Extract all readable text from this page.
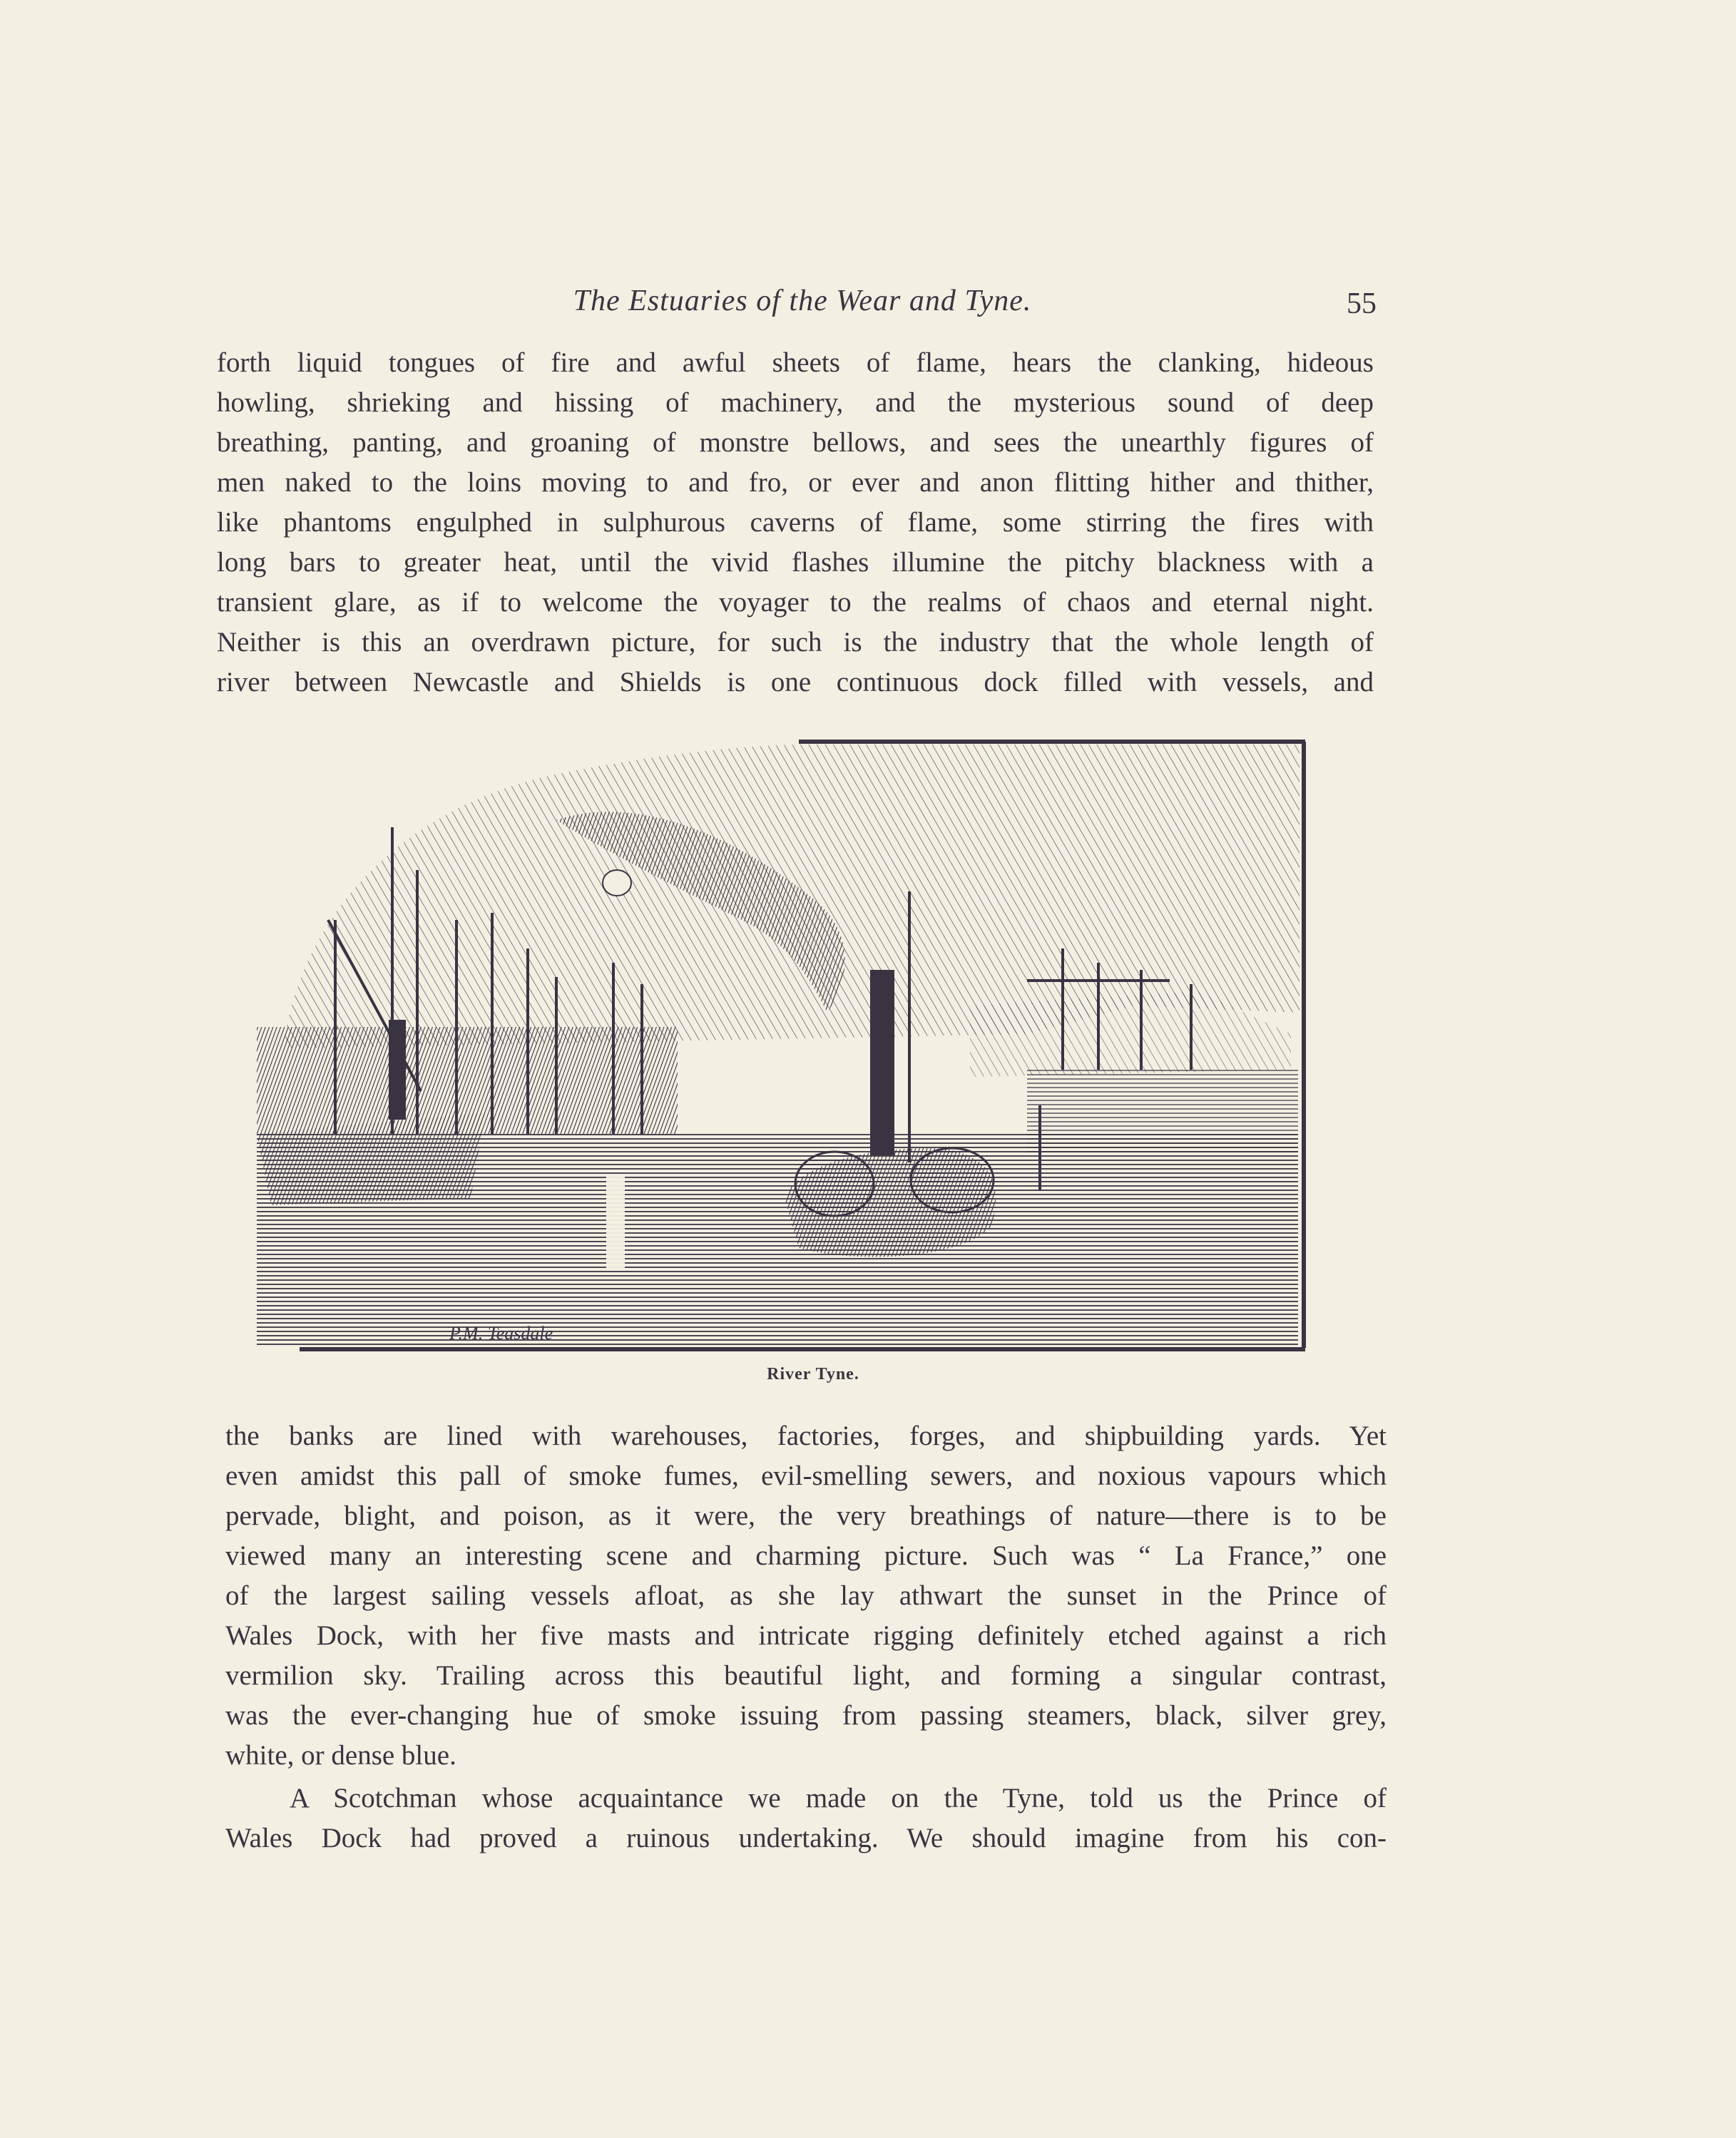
The Estuaries of the Wear and Tyne.	55
forth liquid tongues of fire and awful sheets of flame, hears the clanking, hideous
howling, shrieking and hissing of machinery, and the mysterious sound of deep
breathing, panting, and groaning of monstre bellows, and sees the unearthly figures of
men naked to the loins moving to and fro, or ever and anon flitting hither and thither,
like phantoms engulphed in sulphurous caverns of flame, some stirring the fires with
long bars to greater heat, until the vivid flashes illumine the pitchy blackness with a
transient glare, as if to welcome the voyager to the realms of chaos and eternal night.
Neither is this an overdrawn picture, for such is the industry that the whole length of
river between Newcastle and Shields is one continuous dock filled with vessels, and
P.M. Teasdale
River Tyne.
the banks are lined with warehouses, factories, forges, and shipbuilding yards. Yet
even amidst this pall of smoke fumes, evil-smelling sewers, and noxious vapours which
pervade, blight, and poison, as it were, the very breathings of nature—there is to be
viewed many an interesting scene and charming picture. Such was “ La France,” one
of the largest sailing vessels afloat, as she lay athwart the sunset in the Prince of
Wales Dock, with her five masts and intricate rigging definitely etched against a rich
vermilion sky. Trailing across this beautiful light, and forming a singular contrast,
was the ever-changing hue of smoke issuing from passing steamers, black, silver grey,
white, or dense blue.
A Scotchman whose acquaintance we made on the Tyne, told us the Prince of
Wales Dock had proved a ruinous undertaking. We should imagine from his con-
